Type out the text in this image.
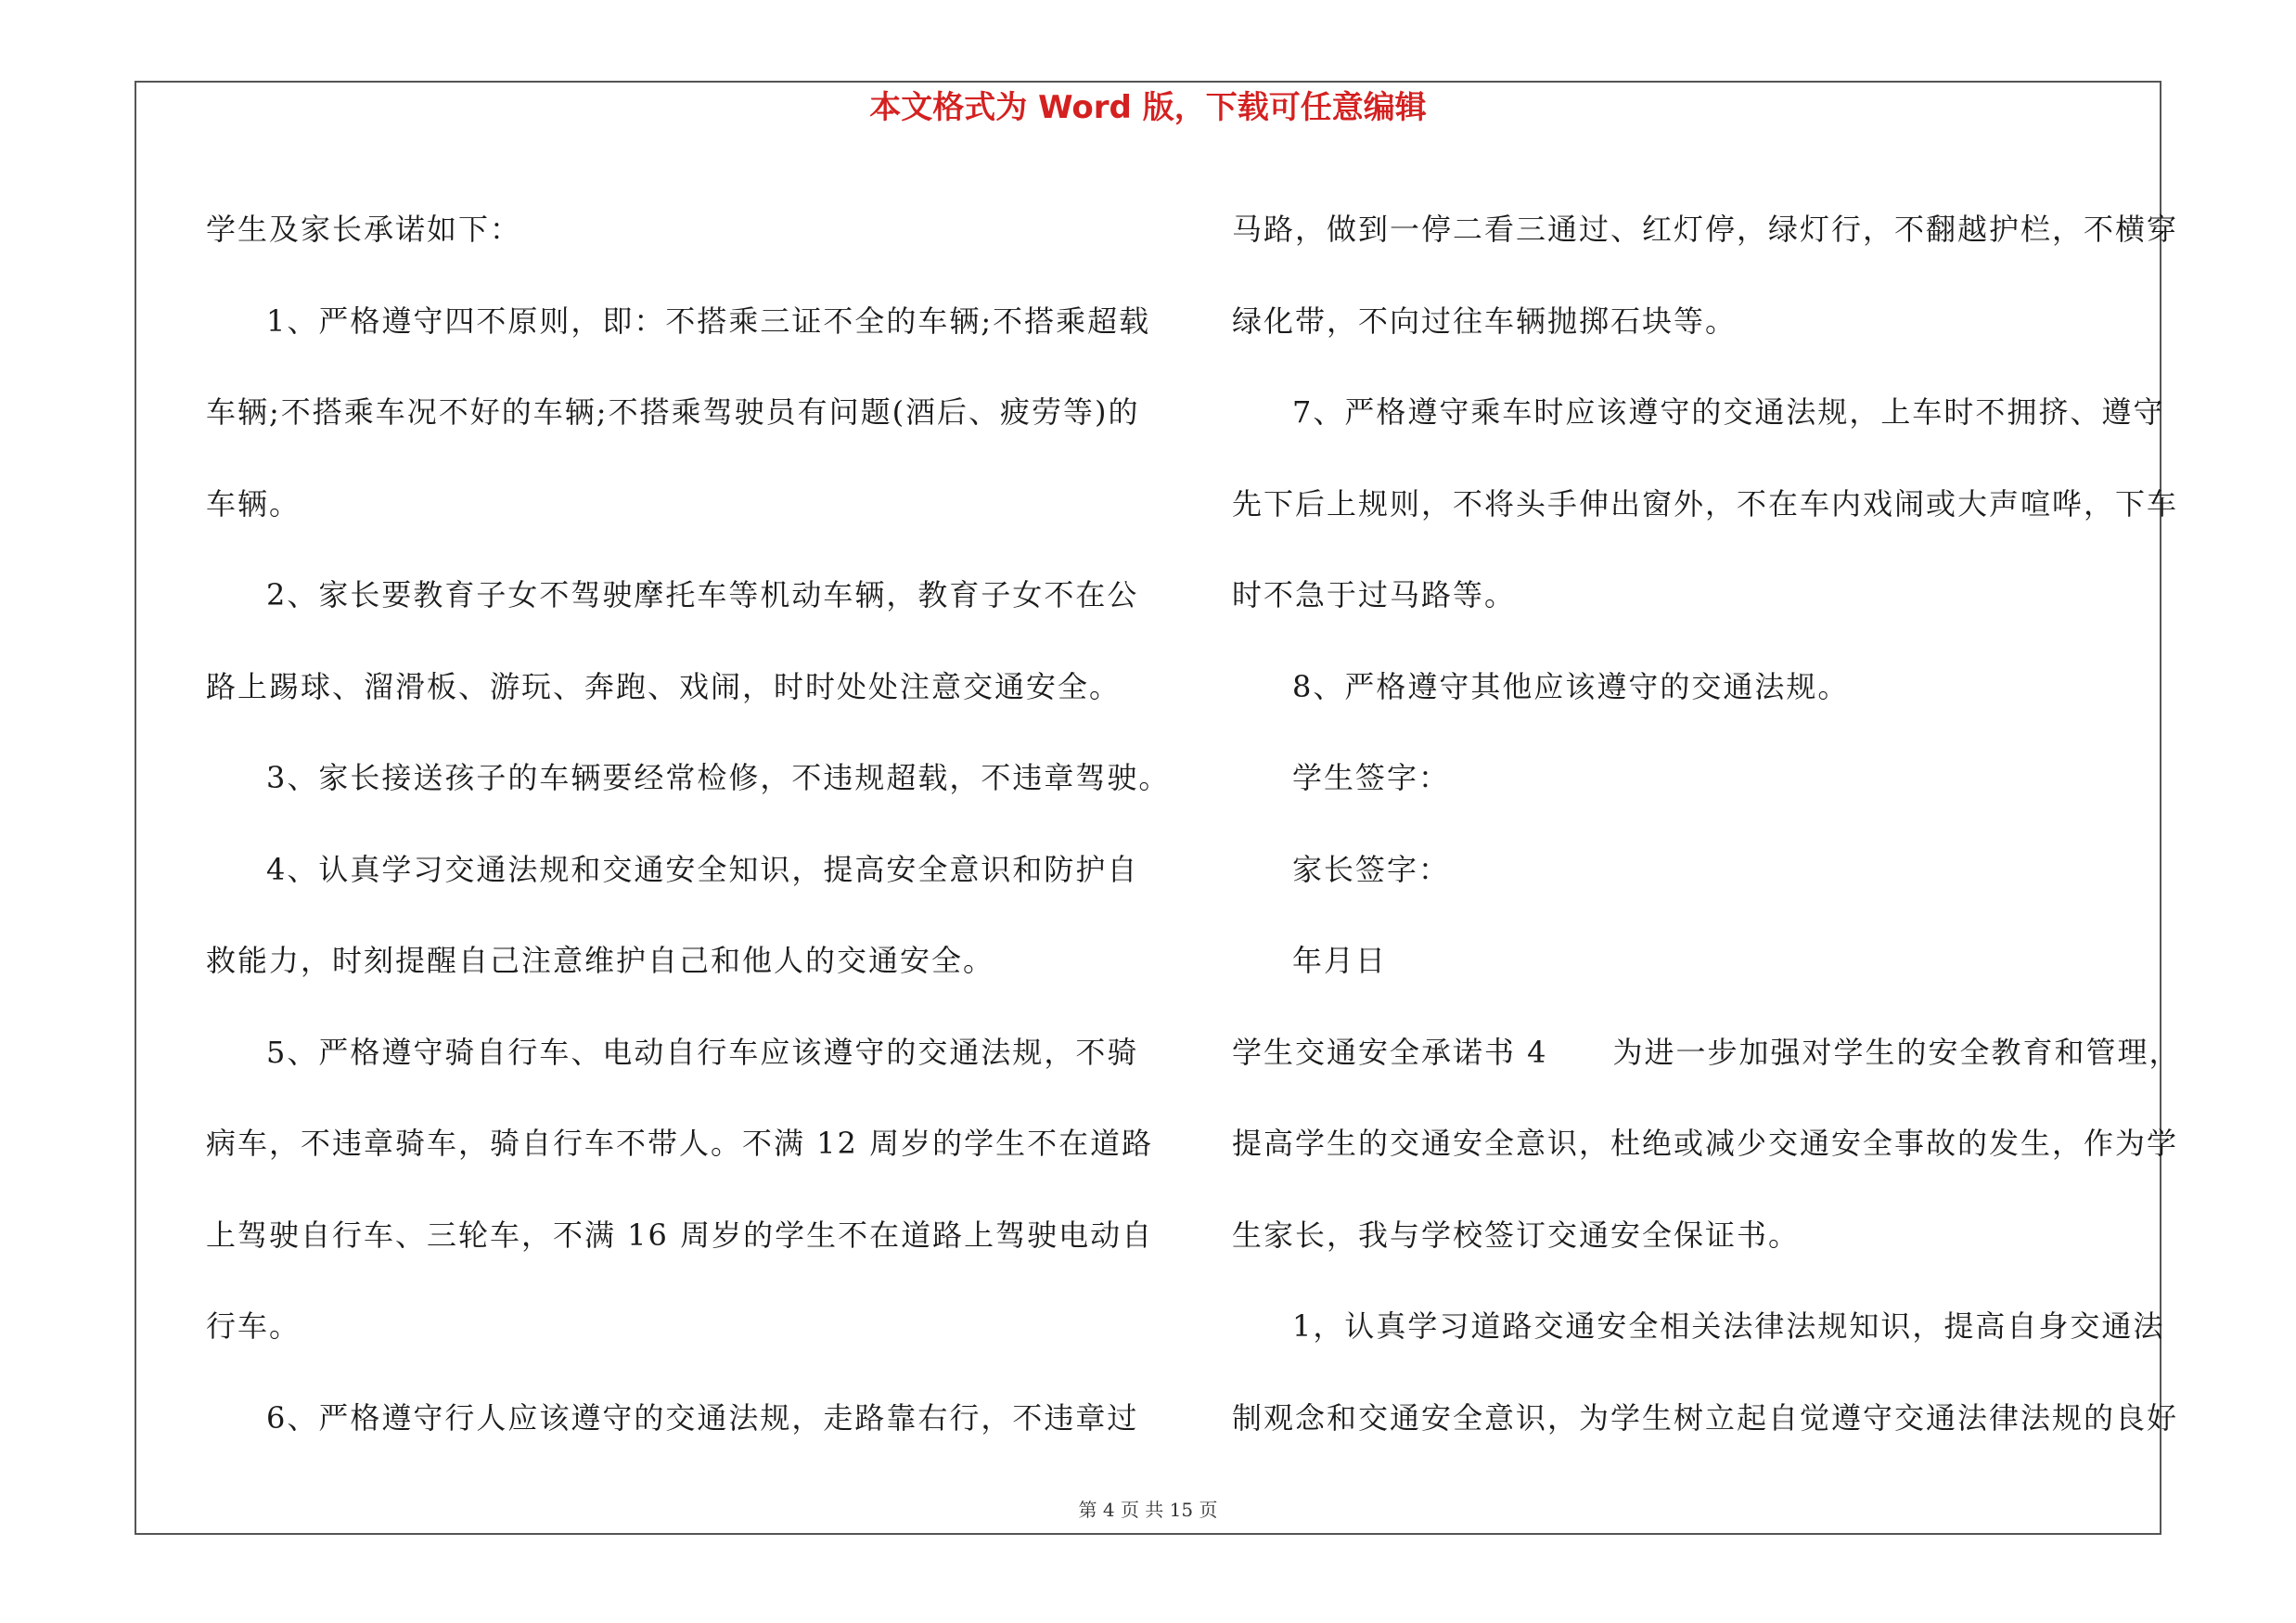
本文格式为 Word 版，下载可任意编辑
学生及家长承诺如下：
1、严格遵守四不原则，即：不搭乘三证不全的车辆;不搭乘超载
车辆;不搭乘车况不好的车辆;不搭乘驾驶员有问题(酒后、疲劳等)的
车辆。
2、家长要教育子女不驾驶摩托车等机动车辆，教育子女不在公
路上踢球、溜滑板、游玩、奔跑、戏闹，时时处处注意交通安全。
3、家长接送孩子的车辆要经常检修，不违规超载，不违章驾驶。
4、认真学习交通法规和交通安全知识，提高安全意识和防护自
救能力，时刻提醒自己注意维护自己和他人的交通安全。
5、严格遵守骑自行车、电动自行车应该遵守的交通法规，不骑
病车，不违章骑车，骑自行车不带人。不满 12 周岁的学生不在道路
上驾驶自行车、三轮车，不满 16 周岁的学生不在道路上驾驶电动自
行车。
6、严格遵守行人应该遵守的交通法规，走路靠右行，不违章过
马路，做到一停二看三通过、红灯停，绿灯行，不翻越护栏，不横穿
绿化带，不向过往车辆抛掷石块等。
7、严格遵守乘车时应该遵守的交通法规，上车时不拥挤、遵守
先下后上规则，不将头手伸出窗外，不在车内戏闹或大声喧哗，下车
时不急于过马路等。
8、严格遵守其他应该遵守的交通法规。
学生签字：
家长签字：
年月日
学生交通安全承诺书 4 为进一步加强对学生的安全教育和管理，
提高学生的交通安全意识，杜绝或减少交通安全事故的发生，作为学
生家长，我与学校签订交通安全保证书。
1，认真学习道路交通安全相关法律法规知识，提高自身交通法
制观念和交通安全意识，为学生树立起自觉遵守交通法律法规的良好
第 4 页 共 15 页
